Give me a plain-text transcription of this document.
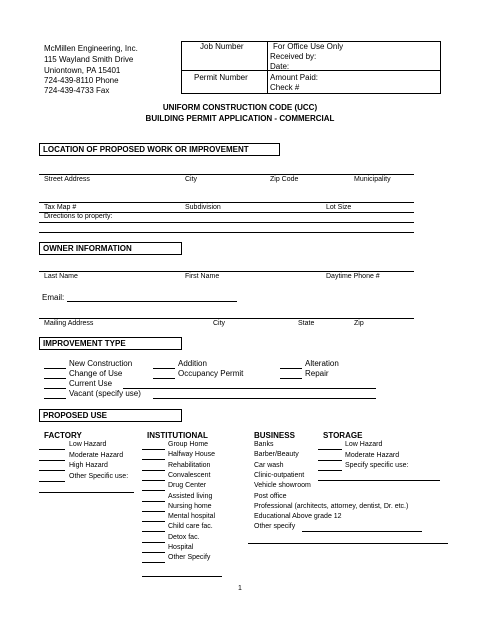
McMillen Engineering, Inc.
115 Wayland Smith Drive
Uniontown, PA 15401
724-439-8110 Phone
724-439-4733 Fax
Job Number
Permit Number
For Office Use Only
Received by:
Date:
Amount Paid:
Check #
UNIFORM CONSTRUCTION CODE (UCC)
BUILDING PERMIT APPLICATION - COMMERCIAL
LOCATION OF PROPOSED WORK OR IMPROVEMENT
Street Address	City	Zip Code	Municipality
Tax Map #	Subdivision	Lot Size
Directions to property:
OWNER INFORMATION
Last Name	First Name	Daytime Phone #
Email:
Mailing Address	City	State	Zip
IMPROVEMENT TYPE
New Construction
Change of Use
Current Use
Vacant (specify use)
Addition
Occupancy Permit
Alteration
Repair
PROPOSED USE
FACTORY
Low Hazard
Moderate Hazard
High Hazard
Other Specific use:
INSTITUTIONAL
Group Home
Halfway House
Rehabilitation
Convalescent
Drug Center
Assisted living
Nursing home
Mental hospital
Child care fac.
Detox fac.
Hospital
Other Specify
BUSINESS
Banks
Barber/Beauty
Car wash
Clinic-outpatient
Vehicle showroom
Post office
Professional (architects, attorney, dentist, Dr. etc.)
Educational Above grade 12
Other specify
STORAGE
Low Hazard
Moderate Hazard
Specify specific use:
1
